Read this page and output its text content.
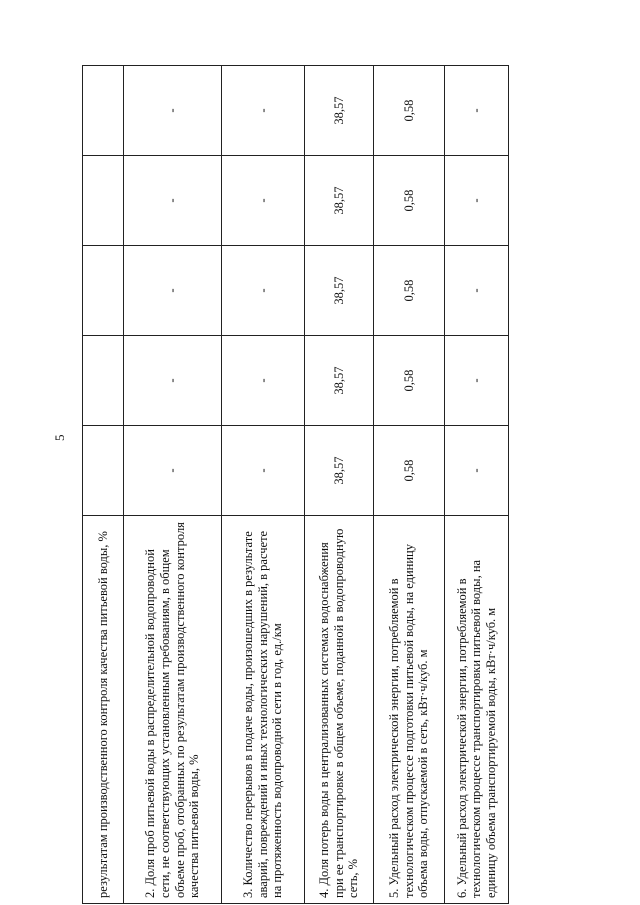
5
результатам производственного контроля качества питьевой воды, %					
2. Доля проб питьевой воды в распределительной водопроводной сети, не соответствующих установленным требованиям, в общем объеме проб, отобранных по результатам производственного контроля качества питьевой воды, %	-	-	-	-	-
3. Количество перерывов в подаче воды, произошедших в результате аварий, повреждений и иных технологических нарушений, в расчете на протяженность водопроводной сети в год, ед./км	-	-	-	-	-
4. Доля потерь воды в централизованных системах водоснабжения при ее транспортировке в общем объеме, поданной в водопроводную сеть, %	38,57	38,57	38,57	38,57	38,57
5. Удельный расход электрической энергии, потребляемой в технологическом процессе подготовки питьевой воды, на единицу объема воды, отпускаемой в сеть, кВт·ч/куб. м	0,58	0,58	0,58	0,58	0,58
6. Удельный расход электрической энергии, потребляемой в технологическом процессе транспортировки питьевой воды, на единицу объема транспортируемой воды, кВт·ч/куб. м	-	-	-	-	-
